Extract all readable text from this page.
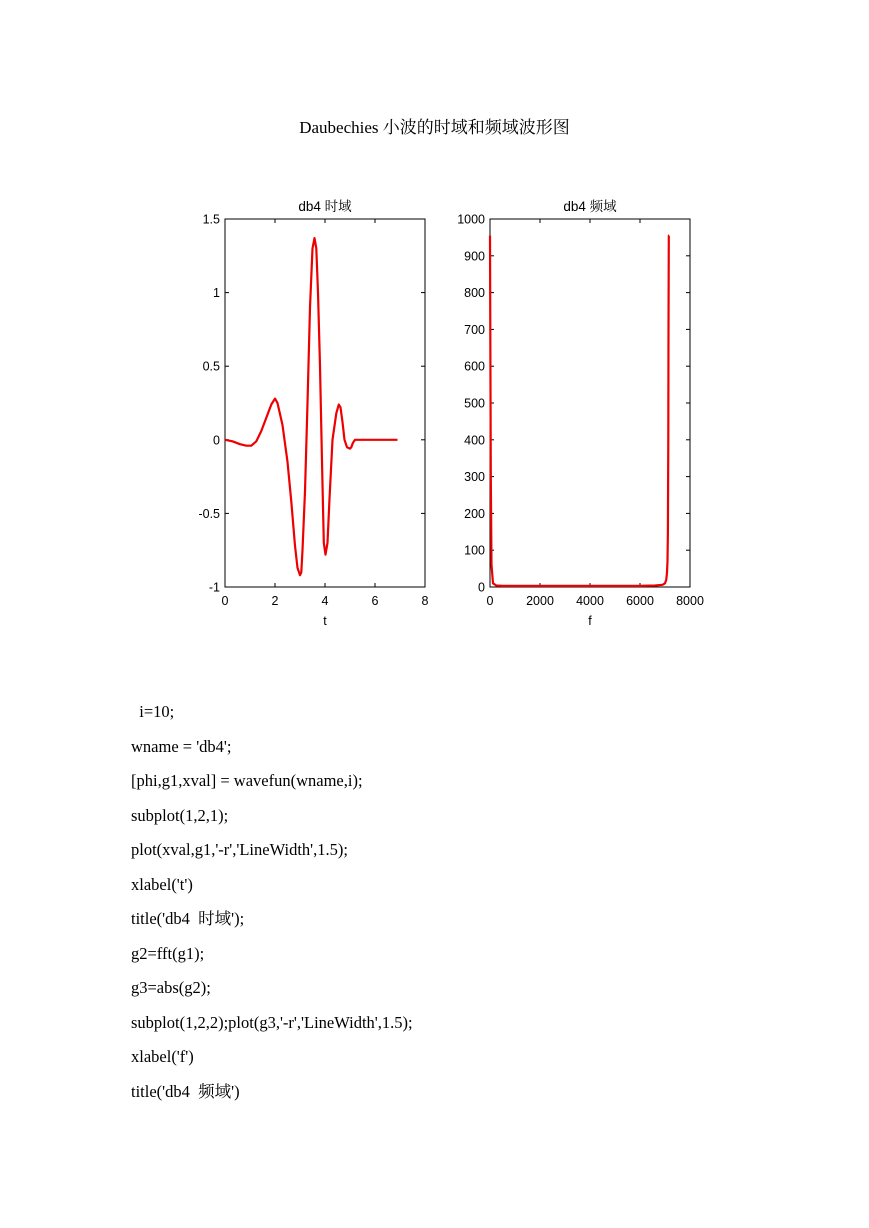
Daubechies 小波的时域和频域波形图
0	2	4	6	8
-1
-0.5
0
0.5
1
1.5
db4 时域
t
0	2000 4000 6000 8000
0
100
200
300
400
500
600
700
800
900
1000
db4 频域
f
i=10;
wname = 'db4';
[phi,g1,xval] = wavefun(wname,i);
subplot(1,2,1);
plot(xval,g1,'-r','LineWidth',1.5);
xlabel('t')
title('db4  时域');
g2=fft(g1);
g3=abs(g2);
subplot(1,2,2);plot(g3,'-r','LineWidth',1.5);
xlabel('f')
title('db4  频域')
